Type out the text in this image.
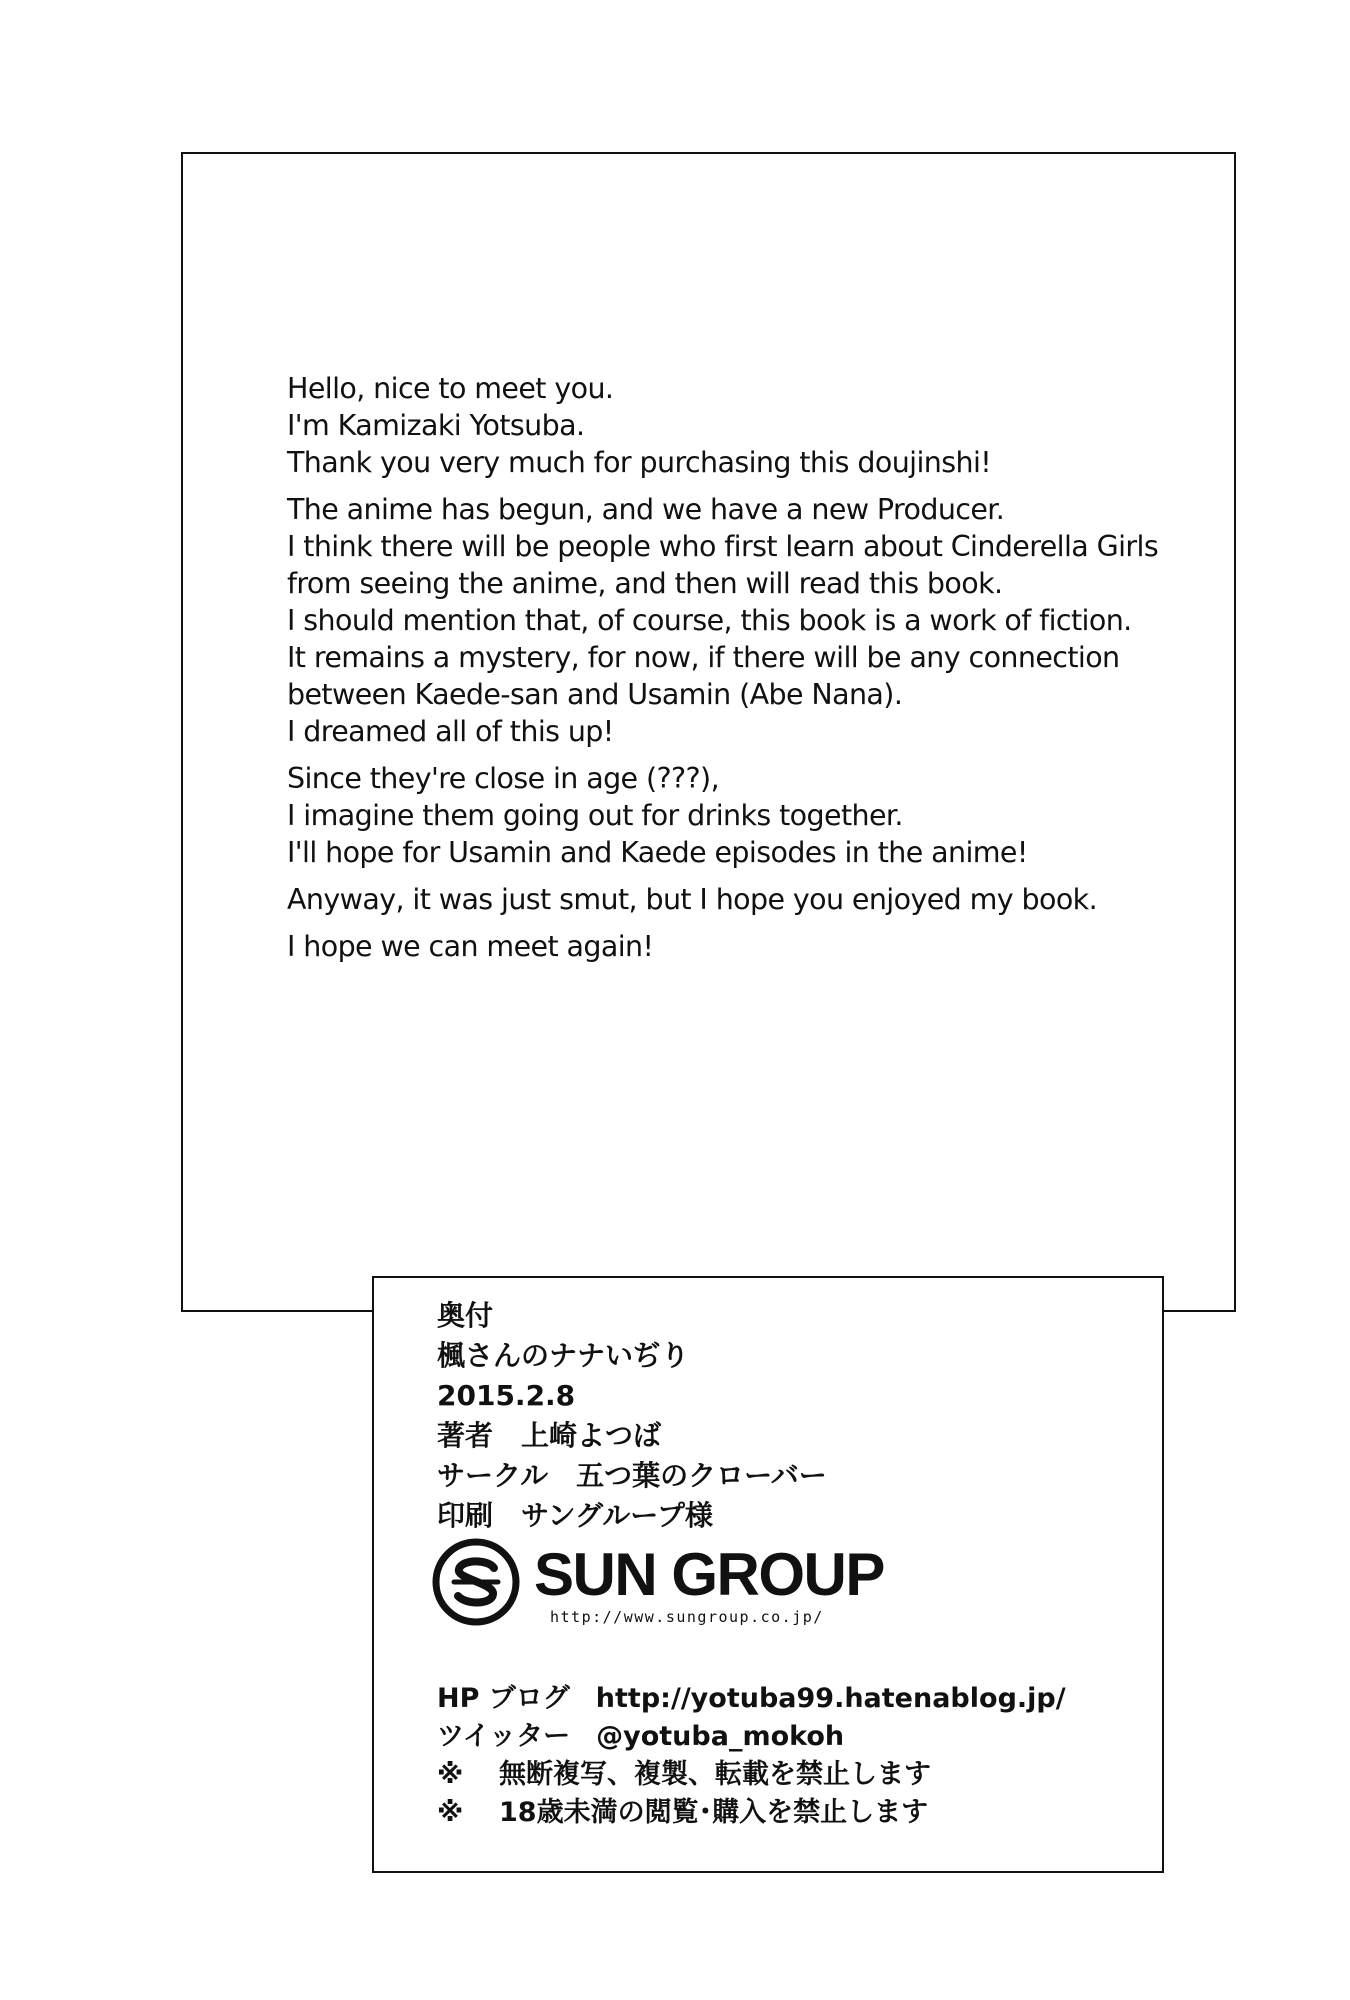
Hello, nice to meet you.
I'm Kamizaki Yotsuba.
Thank you very much for purchasing this doujinshi!

The anime has begun, and we have a new Producer.
I think there will be people who first learn about Cinderella Girls
from seeing the anime, and then will read this book.
I should mention that, of course, this book is a work of fiction.
It remains a mystery, for now, if there will be any connection
between Kaede-san and Usamin (Abe Nana).
I dreamed all of this up!

Since they're close in age (???),
I imagine them going out for drinks together.
I'll hope for Usamin and Kaede episodes in the anime!

Anyway, it was just smut, but I hope you enjoyed my book.

I hope we can meet again!

奥付
楓さんのナナいぢり
2015.2.8
著者 上崎よつば
サークル 五つ葉のクローバー
印刷 サングループ様
SUN GROUP
http://www.sungroup.co.jp/
HP ブログ http://yotuba99.hatenablog.jp/
ツイッター @yotuba_mokoh
※ 無断複写、複製、転載を禁止します
※ 18歳未満の閲覧･購入を禁止します
